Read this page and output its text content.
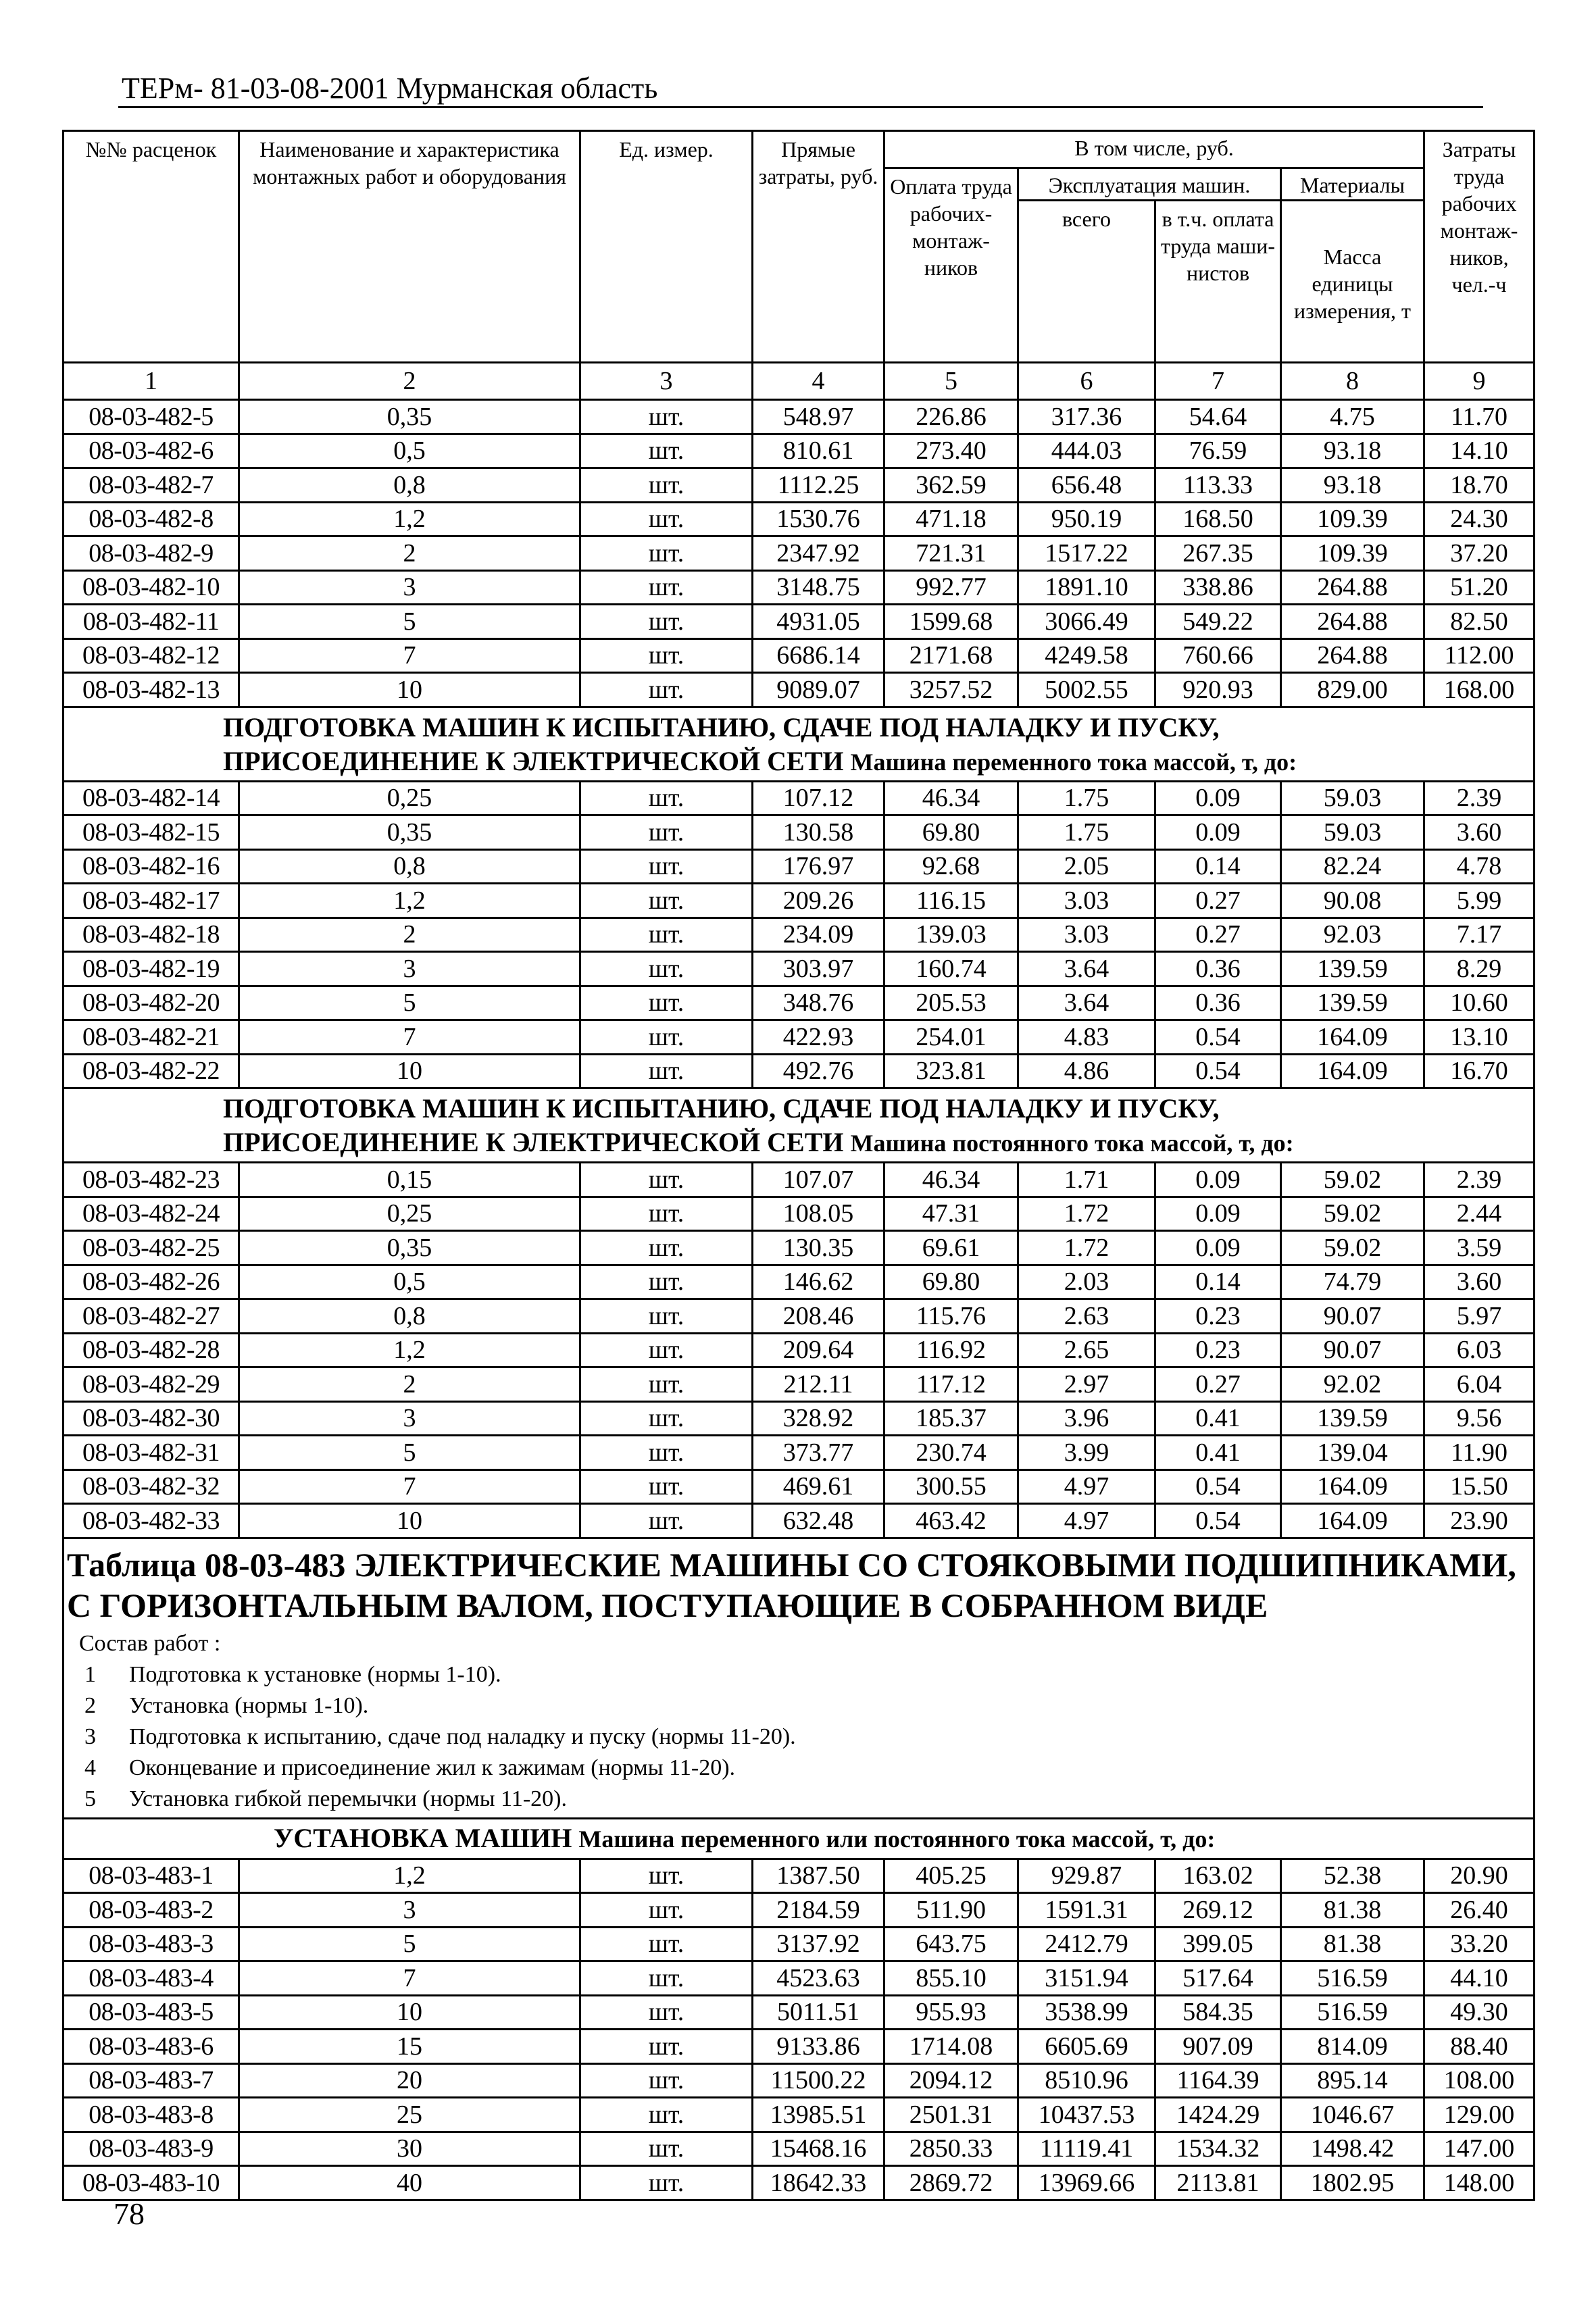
ТЕРм- 81-03-08-2001 Мурманская область
№№ расценок	Наименование и характеристика монтажных работ и оборудования	Ед. измер.	Прямые затраты, руб.	В том числе, руб.				Затраты труда рабочих монтаж-ников, чел.-ч
				Оплата труда рабочих-монтаж-ников	Эксплуатация машин.		Материалы	
					всего	в т.ч. оплата труда маши-нистов	Масса единицы измерения, т	
1	2	3	4	5	6	7	8	9
08-03-482-5	0,35	шт.	548.97	226.86	317.36	54.64	4.75	11.70
08-03-482-6	0,5	шт.	810.61	273.40	444.03	76.59	93.18	14.10
08-03-482-7	0,8	шт.	1112.25	362.59	656.48	113.33	93.18	18.70
08-03-482-8	1,2	шт.	1530.76	471.18	950.19	168.50	109.39	24.30
08-03-482-9	2	шт.	2347.92	721.31	1517.22	267.35	109.39	37.20
08-03-482-10	3	шт.	3148.75	992.77	1891.10	338.86	264.88	51.20
08-03-482-11	5	шт.	4931.05	1599.68	3066.49	549.22	264.88	82.50
08-03-482-12	7	шт.	6686.14	2171.68	4249.58	760.66	264.88	112.00
08-03-482-13	10	шт.	9089.07	3257.52	5002.55	920.93	829.00	168.00

ПОДГОТОВКА МАШИН К ИСПЫТАНИЮ, СДАЧЕ ПОД НАЛАДКУ И ПУСКУ,
ПРИСОЕДИНЕНИЕ К ЭЛЕКТРИЧЕСКОЙ СЕТИ Машина переменного тока массой, т, до:								

08-03-482-14	0,25	шт.	107.12	46.34	1.75	0.09	59.03	2.39
08-03-482-15	0,35	шт.	130.58	69.80	1.75	0.09	59.03	3.60
08-03-482-16	0,8	шт.	176.97	92.68	2.05	0.14	82.24	4.78
08-03-482-17	1,2	шт.	209.26	116.15	3.03	0.27	90.08	5.99
08-03-482-18	2	шт.	234.09	139.03	3.03	0.27	92.03	7.17
08-03-482-19	3	шт.	303.97	160.74	3.64	0.36	139.59	8.29
08-03-482-20	5	шт.	348.76	205.53	3.64	0.36	139.59	10.60
08-03-482-21	7	шт.	422.93	254.01	4.83	0.54	164.09	13.10
08-03-482-22	10	шт.	492.76	323.81	4.86	0.54	164.09	16.70

ПОДГОТОВКА МАШИН К ИСПЫТАНИЮ, СДАЧЕ ПОД НАЛАДКУ И ПУСКУ,
ПРИСОЕДИНЕНИЕ К ЭЛЕКТРИЧЕСКОЙ СЕТИ Машина постоянного тока массой, т, до:								

08-03-482-23	0,15	шт.	107.07	46.34	1.71	0.09	59.02	2.39
08-03-482-24	0,25	шт.	108.05	47.31	1.72	0.09	59.02	2.44
08-03-482-25	0,35	шт.	130.35	69.61	1.72	0.09	59.02	3.59
08-03-482-26	0,5	шт.	146.62	69.80	2.03	0.14	74.79	3.60
08-03-482-27	0,8	шт.	208.46	115.76	2.63	0.23	90.07	5.97
08-03-482-28	1,2	шт.	209.64	116.92	2.65	0.23	90.07	6.03
08-03-482-29	2	шт.	212.11	117.12	2.97	0.27	92.02	6.04
08-03-482-30	3	шт.	328.92	185.37	3.96	0.41	139.59	9.56
08-03-482-31	5	шт.	373.77	230.74	3.99	0.41	139.04	11.90
08-03-482-32	7	шт.	469.61	300.55	4.97	0.54	164.09	15.50
08-03-482-33	10	шт.	632.48	463.42	4.97	0.54	164.09	23.90

Таблица 08-03-483 ЭЛЕКТРИЧЕСКИЕ МАШИНЫ СО СТОЯКОВЫМИ ПОДШИПНИКАМИ, С ГОРИЗОНТАЛЬНЫМ ВАЛОМ, ПОСТУПАЮЩИЕ В СОБРАННОМ ВИДЕ
Состав работ :
1	Подготовка к установке (нормы 1-10).
2	Установка (нормы 1-10).
3	Подготовка к испытанию, сдаче под наладку и пуску (нормы 11-20).
4	Оконцевание и присоединение жил к зажимам (нормы 11-20).
5	Установка гибкой перемычки (нормы 11-20).

УСТАНОВКА МАШИН Машина переменного или постоянного тока массой, т, до:								
08-03-483-1	1,2	шт.	1387.50	405.25	929.87	163.02	52.38	20.90
08-03-483-2	3	шт.	2184.59	511.90	1591.31	269.12	81.38	26.40
08-03-483-3	5	шт.	3137.92	643.75	2412.79	399.05	81.38	33.20
08-03-483-4	7	шт.	4523.63	855.10	3151.94	517.64	516.59	44.10
08-03-483-5	10	шт.	5011.51	955.93	3538.99	584.35	516.59	49.30
08-03-483-6	15	шт.	9133.86	1714.08	6605.69	907.09	814.09	88.40
08-03-483-7	20	шт.	11500.22	2094.12	8510.96	1164.39	895.14	108.00
08-03-483-8	25	шт.	13985.51	2501.31	10437.53	1424.29	1046.67	129.00
08-03-483-9	30	шт.	15468.16	2850.33	11119.41	1534.32	1498.42	147.00
08-03-483-10	40	шт.	18642.33	2869.72	13969.66	2113.81	1802.95	148.00
78
